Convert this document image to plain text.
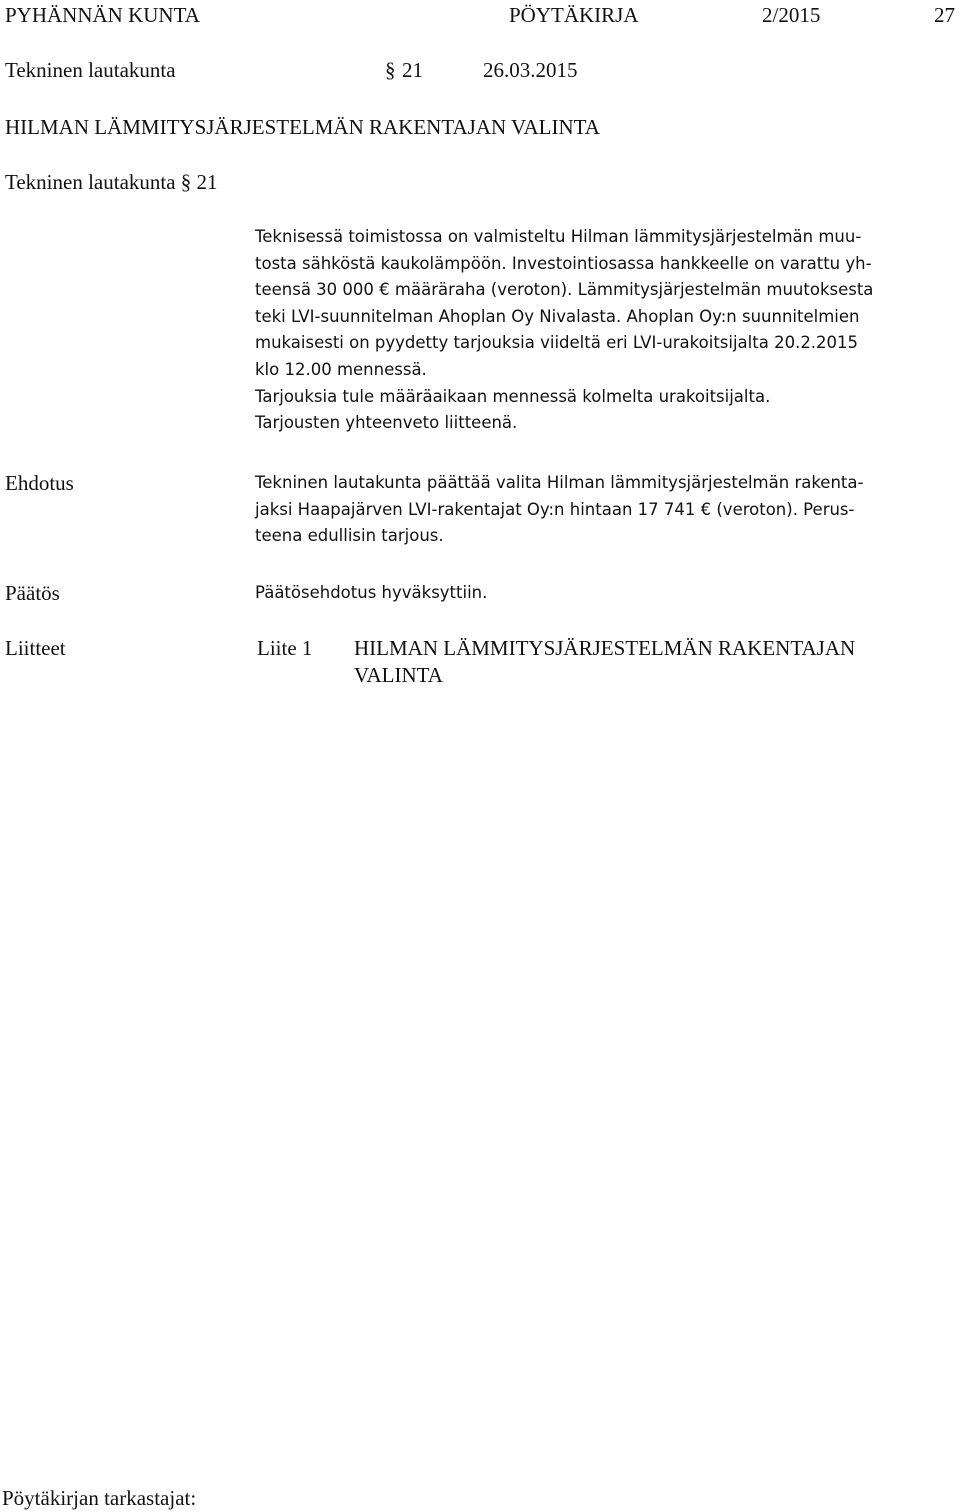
PYHÄNNÄN KUNTA	PÖYTÄKIRJA	2/2015	27
Tekninen lautakunta	§ 21	26.03.2015
HILMAN LÄMMITYSJÄRJESTELMÄN RAKENTAJAN VALINTA
Tekninen lautakunta § 21

Teknisessä toimistossa on valmisteltu Hilman lämmitysjärjestelmän muu-

tosta sähköstä kaukolämpöön. Investointiosassa hankkeelle on varattu yh-

teensä 30 000 € määräraha (veroton). Lämmitysjärjestelmän muutoksesta

teki LVI-suunnitelman Ahoplan Oy Nivalasta. Ahoplan Oy:n suunnitelmien

mukaisesti on pyydetty tarjouksia viideltä eri LVI-urakoitsijalta 20.2.2015

klo 12.00 mennessä.

Tarjouksia tule määräaikaan mennessä kolmelta urakoitsijalta.

Tarjousten yhteenveto liitteenä.

Ehdotus	Tekninen lautakunta päättää valita Hilman lämmitysjärjestelmän rakenta-

jaksi Haapajärven LVI-rakentajat Oy:n hintaan 17 741 € (veroton). Perus-

teena edullisin tarjous.

Päätös	Päätösehdotus hyväksyttiin.
Liitteet	Liite 1 HILMAN LÄMMITYSJÄRJESTELMÄN RAKENTAJAN
VALINTA
Pöytäkirjan tarkastajat:
